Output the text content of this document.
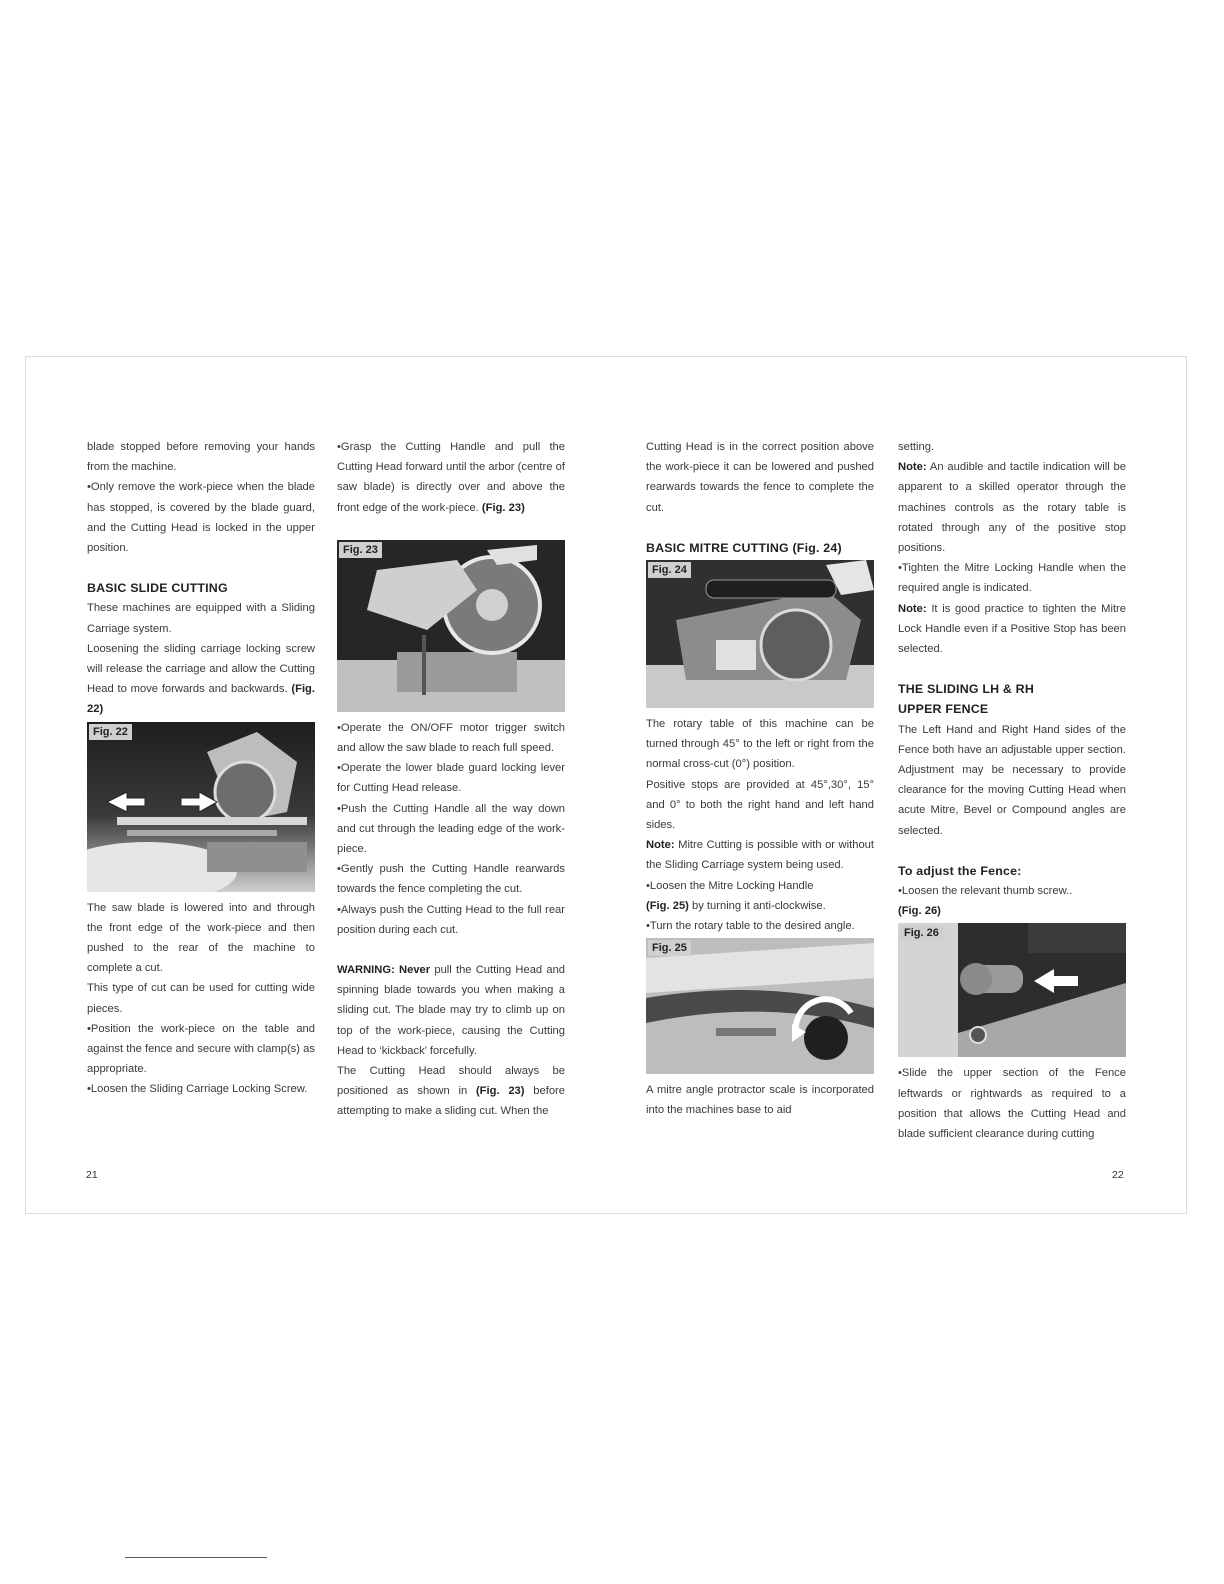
blade stopped before removing your hands from the machine.

•Only remove the work-piece when the blade has stopped, is covered by the blade guard, and the Cutting Head is locked in the upper position.

BASIC SLIDE CUTTING

These machines are equipped with a Sliding Carriage system.

Loosening the sliding carriage locking screw will release the carriage and allow the Cutting Head to move forwards and backwards. (Fig. 22)

Fig. 22

The saw blade is lowered into and through the front edge of the work-piece and then pushed to the rear of the machine to complete a cut.

This type of cut can be used for cutting wide pieces.

•Position the work-piece on the table and against the fence and secure with clamp(s) as appropriate.

•Loosen the Sliding Carriage Locking Screw.

•Grasp the Cutting Handle and pull the Cutting Head forward until the arbor (centre of saw blade) is directly over and above the front edge of the work-piece. (Fig. 23)

Fig. 23

•Operate the ON/OFF motor trigger switch and allow the saw blade to reach full speed.

•Operate the lower blade guard locking lever for Cutting Head release.

•Push the Cutting Handle all the way down and cut through the leading edge of the work-piece.

•Gently push the Cutting Handle rearwards towards the fence completing the cut.

•Always push the Cutting Head to the full rear position during each cut.

WARNING: Never pull the Cutting Head and spinning blade towards you when making a sliding cut. The blade may try to climb up on top of the work-piece, causing the Cutting Head to ‘kickback’ forcefully.

The Cutting Head should always be positioned as shown in (Fig. 23) before attempting to make a sliding cut. When the

Cutting Head is in the correct position above the work-piece it can be lowered and pushed rearwards towards the fence to complete the cut.

BASIC MITRE CUTTING (Fig. 24)

Fig. 24

The rotary table of this machine can be turned through 45° to the left or right from the normal cross-cut (0°) position.

Positive stops are provided at 45°,30°, 15° and 0° to both the right hand and left hand sides.

Note: Mitre Cutting is possible with or without the Sliding Carriage system being used.

•Loosen the Mitre Locking Handle

(Fig. 25) by turning it anti-clockwise.

•Turn the rotary table to the desired angle.

Fig. 25

A mitre angle protractor scale is incorporated into the machines base to aid

setting.

Note: An audible and tactile indication will be apparent to a skilled operator through the machines controls as the rotary table is rotated through any of the positive stop positions.

•Tighten the Mitre Locking Handle when the required angle is indicated.

Note: It is good practice to tighten the Mitre Lock Handle even if a Positive Stop has been selected.

THE SLIDING LH & RH

UPPER FENCE

The Left Hand and Right Hand sides of the Fence both have an adjustable upper section. Adjustment may be necessary to provide clearance for the moving Cutting Head when acute Mitre, Bevel or Compound angles are selected.

To adjust the Fence:

•Loosen the relevant thumb screw..

(Fig. 26)

Fig. 26

•Slide the upper section of the Fence leftwards or rightwards as required to a position that allows the Cutting Head and blade sufficient clearance during cutting

21	22
